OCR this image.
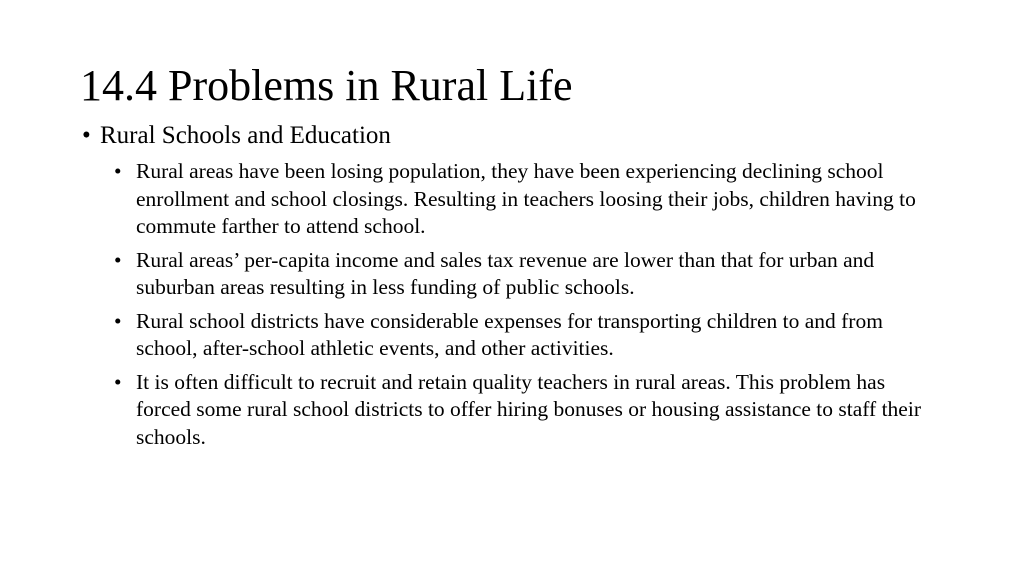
14.4 Problems in Rural Life
• Rural Schools and Education
• Rural areas have been losing population, they have been experiencing declining school enrollment and school closings. Resulting in teachers loosing their jobs, children having to commute farther to attend school.
• Rural areas’ per-capita income and sales tax revenue are lower than that for urban and suburban areas resulting in less funding of public schools.
• Rural school districts have considerable expenses for transporting children to and from school, after-school athletic events, and other activities.
• It is often difficult to recruit and retain quality teachers in rural areas. This problem has forced some rural school districts to offer hiring bonuses or housing assistance to staff their schools.
